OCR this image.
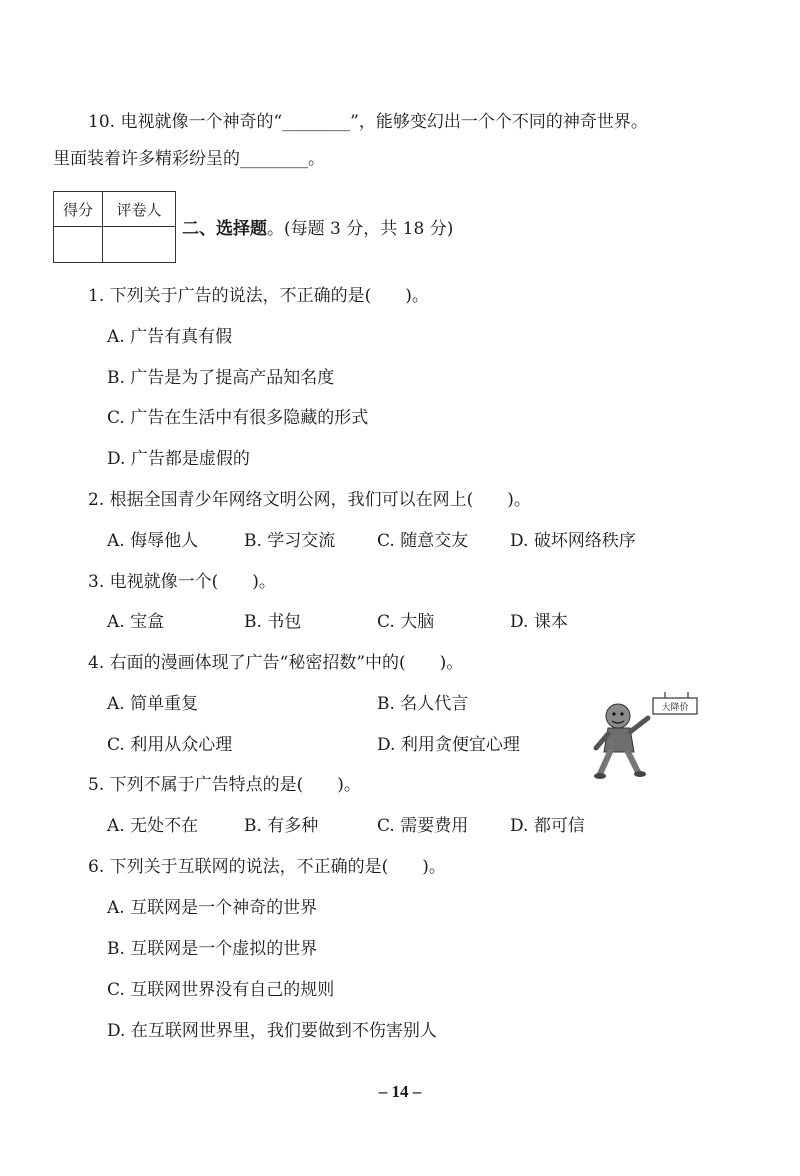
10. 电视就像一个神奇的“________”，能够变幻出一个个不同的神奇世界。
里面装着许多精彩纷呈的________。
得分	评卷人

二、选择题。(每题 3 分，共 18 分)
1. 下列关于广告的说法，不正确的是(　　)。
A. 广告有真有假
B. 广告是为了提高产品知名度
C. 广告在生活中有很多隐藏的形式
D. 广告都是虚假的
2. 根据全国青少年网络文明公网，我们可以在网上(　　)。
A. 侮辱他人	B. 学习交流 C. 随意交友 D. 破坏网络秩序
3. 电视就像一个(　　)。
A. 宝盒	B. 书包	C. 大脑	D. 课本
4. 右面的漫画体现了广告“秘密招数”中的(　　)。
A. 简单重复	B. 名人代言
C. 利用从众心理	D. 利用贪便宜心理
大降价
5. 下列不属于广告特点的是(　　)。
A. 无处不在	B. 有多种	C. 需要费用 D. 都可信
6. 下列关于互联网的说法，不正确的是(　　)。
A. 互联网是一个神奇的世界
B. 互联网是一个虚拟的世界
C. 互联网世界没有自己的规则
D. 在互联网世界里，我们要做到不伤害别人
– 14 –
